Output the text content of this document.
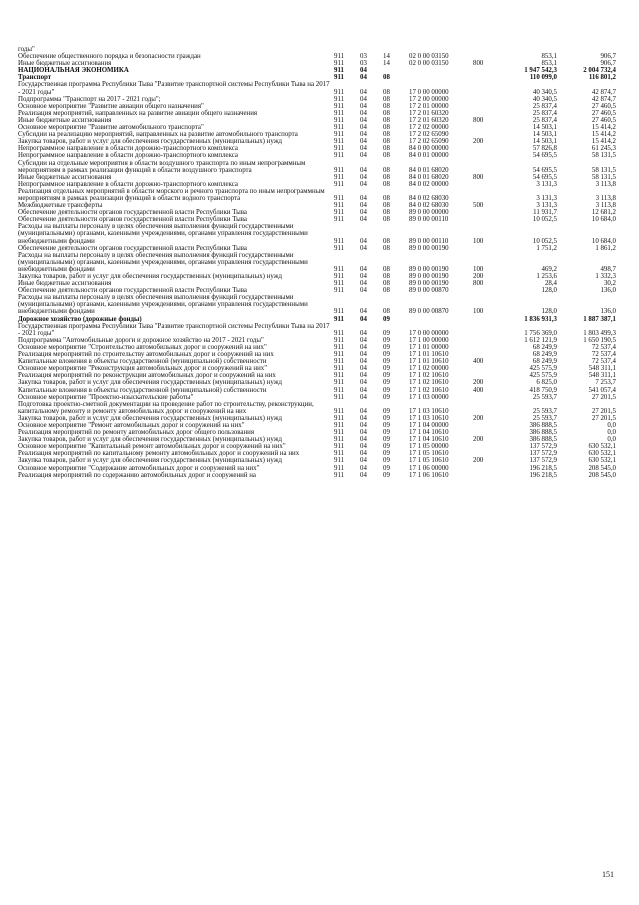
годы"
Обеспечение общественного порядка и безопасности граждан	911	03	14	02 0 00 03150	853,1	906,7
Иные бюджетные ассигнования	911	03	14	02 0 00 03150	800	853,1	906,7
НАЦИОНАЛЬНАЯ ЭКОНОМИКА	911	04	1 947 542,3	2 004 732,4
Транспорт	911	04	08	110 099,0	116 801,2
Государственная программа Республики Тыва "Развитие транспортной системы Республики Тыва на 2017 - 2021 годы"	911	04	08	17 0 00 00000	40 340,5	42 874,7
Подпрограмма "Транспорт на 2017 - 2021 годы";	911	04	08	17 2 00 00000	40 340,5	42 874,7
Основное мероприятие "Развитие авиации общего назначения"	911	04	08	17 2 01 00000	25 837,4	27 460,5
Реализация мероприятий, направленных на развитие авиации общего назначения	911	04	08	17 2 01 60320	25 837,4	27 460,5
Иные бюджетные ассигнования	911	04	08	17 2 01 60320	800	25 837,4	27 460,5
Основное мероприятие "Развитие автомобильного транспорта"	911	04	08	17 2 02 00000	14 503,1	15 414,2
Субсидии на реализацию мероприятий, направленных на развитие автомобильного транспорта	911	04	08	17 2 02 65090	14 503,1	15 414,2
Закупка товаров, работ и услуг для обеспечения государственных (муниципальных) нужд	911	04	08	17 2 02 65090	200	14 503,1	15 414,2
Непрограммное направление в области дорожно-транспортного комплекса	911	04	08	84 0 00 00000	57 826,8	61 245,3
Непрограммное направление в области дорожно-транспортного комплекса	911	04	08	84 0 01 00000	54 695,5	58 131,5
Субсидии на отдельные мероприятия в области воздушного транспорта по иным непрограммным мероприятиям в рамках реализации функций в области воздушного транспорта	911	04	08	84 0 01 68020	54 695,5	58 131,5
Иные бюджетные ассигнования	911	04	08	84 0 01 68020	800	54 695,5	58 131,5
Непрограммное направление в области дорожно-транспортного комплекса	911	04	08	84 0 02 00000	3 131,3	3 113,8
Реализация отдельных мероприятий в области морского и речного транспорта по иным непрограммным мероприятиям в рамках реализации функций в области водного транспорта	911	04	08	84 0 02 68030	3 131,3	3 113,8
Межбюджетные трансферты	911	04	08	84 0 02 68030	500	3 131,3	3 113,8
Обеспечение деятельности органов государственной власти Республики Тыва	911	04	08	89 0 00 00000	11 931,7	12 681,2
Обеспечение деятельности органов государственной власти Республики Тыва	911	04	08	89 0 00 00110	10 052,5	10 684,0
Расходы на выплаты персоналу в целях обеспечения выполнения функций государственными (муниципальными) органами, казенными учреждениями, органами управления государственными внебюджетными фондами	911	04	08	89 0 00 00110	100	10 052,5	10 684,0
Обеспечение деятельности органов государственной власти Республики Тыва	911	04	08	89 0 00 00190	1 751,2	1 861,2
Расходы на выплаты персоналу в целях обеспечения выполнения функций государственными (муниципальными) органами, казенными учреждениями, органами управления государственными внебюджетными фондами	911	04	08	89 0 00 00190	100	469,2	498,7
Закупка товаров, работ и услуг для обеспечения государственных (муниципальных) нужд	911	04	08	89 0 00 00190	200	1 253,6	1 332,3
Иные бюджетные ассигнования	911	04	08	89 0 00 00190	800	28,4	30,2
Обеспечение деятельности органов государственной власти Республики Тыва	911	04	08	89 0 00 00870	128,0	136,0
Расходы на выплаты персоналу в целях обеспечения выполнения функций государственными (муниципальными) органами, казенными учреждениями, органами управления государственными внебюджетными фондами	911	04	08	89 0 00 00870	100	128,0	136,0
Дорожное хозяйство (дорожные фонды)	911	04	09	1 836 931,3	1 887 387,1
Государственная программа Республики Тыва "Развитие транспортной системы Республики Тыва на 2017 - 2021 годы"	911	04	09	17 0 00 00000	1 756 369,0	1 803 499,3
Подпрограмма "Автомобильные дороги и дорожное хозяйство на 2017 - 2021 годы"	911	04	09	17 1 00 00000	1 612 121,9	1 650 190,5
Основное мероприятие "Строительство автомобильных дорог и сооружений на них"	911	04	09	17 1 01 00000	68 249,9	72 537,4
Реализация мероприятий по строительству автомобильных дорог и сооружений на них	911	04	09	17 1 01 10610	68 249,9	72 537,4
Капитальные вложения в объекты государственной (муниципальной) собственности	911	04	09	17 1 01 10610	400	68 249,9	72 537,4
Основное мероприятие "Реконструкция автомобильных дорог и сооружений на них"	911	04	09	17 1 02 00000	425 575,9	548 311,1
Реализация мероприятий по реконструкции автомобильных дорог и сооружений на них	911	04	09	17 1 02 10610	425 575,9	548 311,1
Закупка товаров, работ и услуг для обеспечения государственных (муниципальных) нужд	911	04	09	17 1 02 10610	200	6 825,0	7 253,7
Капитальные вложения в объекты государственной (муниципальной) собственности	911	04	09	17 1 02 10610	400	418 750,9	541 057,4
Основное мероприятие "Проектно-изыскательские работы"	911	04	09	17 1 03 00000	25 593,7	27 201,5
Подготовка проектно-сметной документации на проведение работ по строительству, реконструкции, капитальному ремонту и ремонту автомобильных дорог и сооружений на них	911	04	09	17 1 03 10610	25 593,7	27 201,5
Закупка товаров, работ и услуг для обеспечения государственных (муниципальных) нужд	911	04	09	17 1 03 10610	200	25 593,7	27 201,5
Основное мероприятие "Ремонт автомобильных дорог и сооружений на них"	911	04	09	17 1 04 00000	386 888,5	0,0
Реализация мероприятий по ремонту автомобильных дорог общего пользования	911	04	09	17 1 04 10610	386 888,5	0,0
Закупка товаров, работ и услуг для обеспечения государственных (муниципальных) нужд	911	04	09	17 1 04 10610	200	386 888,5	0,0
Основное мероприятие "Капитальный ремонт автомобильных дорог и сооружений на них"	911	04	09	17 1 05 00000	137 572,9	630 532,1
Реализация мероприятий по капитальному ремонту автомобильных дорог и сооружений на них	911	04	09	17 1 05 10610	137 572,9	630 532,1
Закупка товаров, работ и услуг для обеспечения государственных (муниципальных) нужд	911	04	09	17 1 05 10610	200	137 572,9	630 532,1
Основное мероприятие "Содержание автомобильных дорог и сооружений на них"	911	04	09	17 1 06 00000	196 218,5	208 545,0
Реализация мероприятий по содержанию автомобильных дорог и сооружений на	911	04	09	17 1 06 10610	196 218,5	208 545,0
151
